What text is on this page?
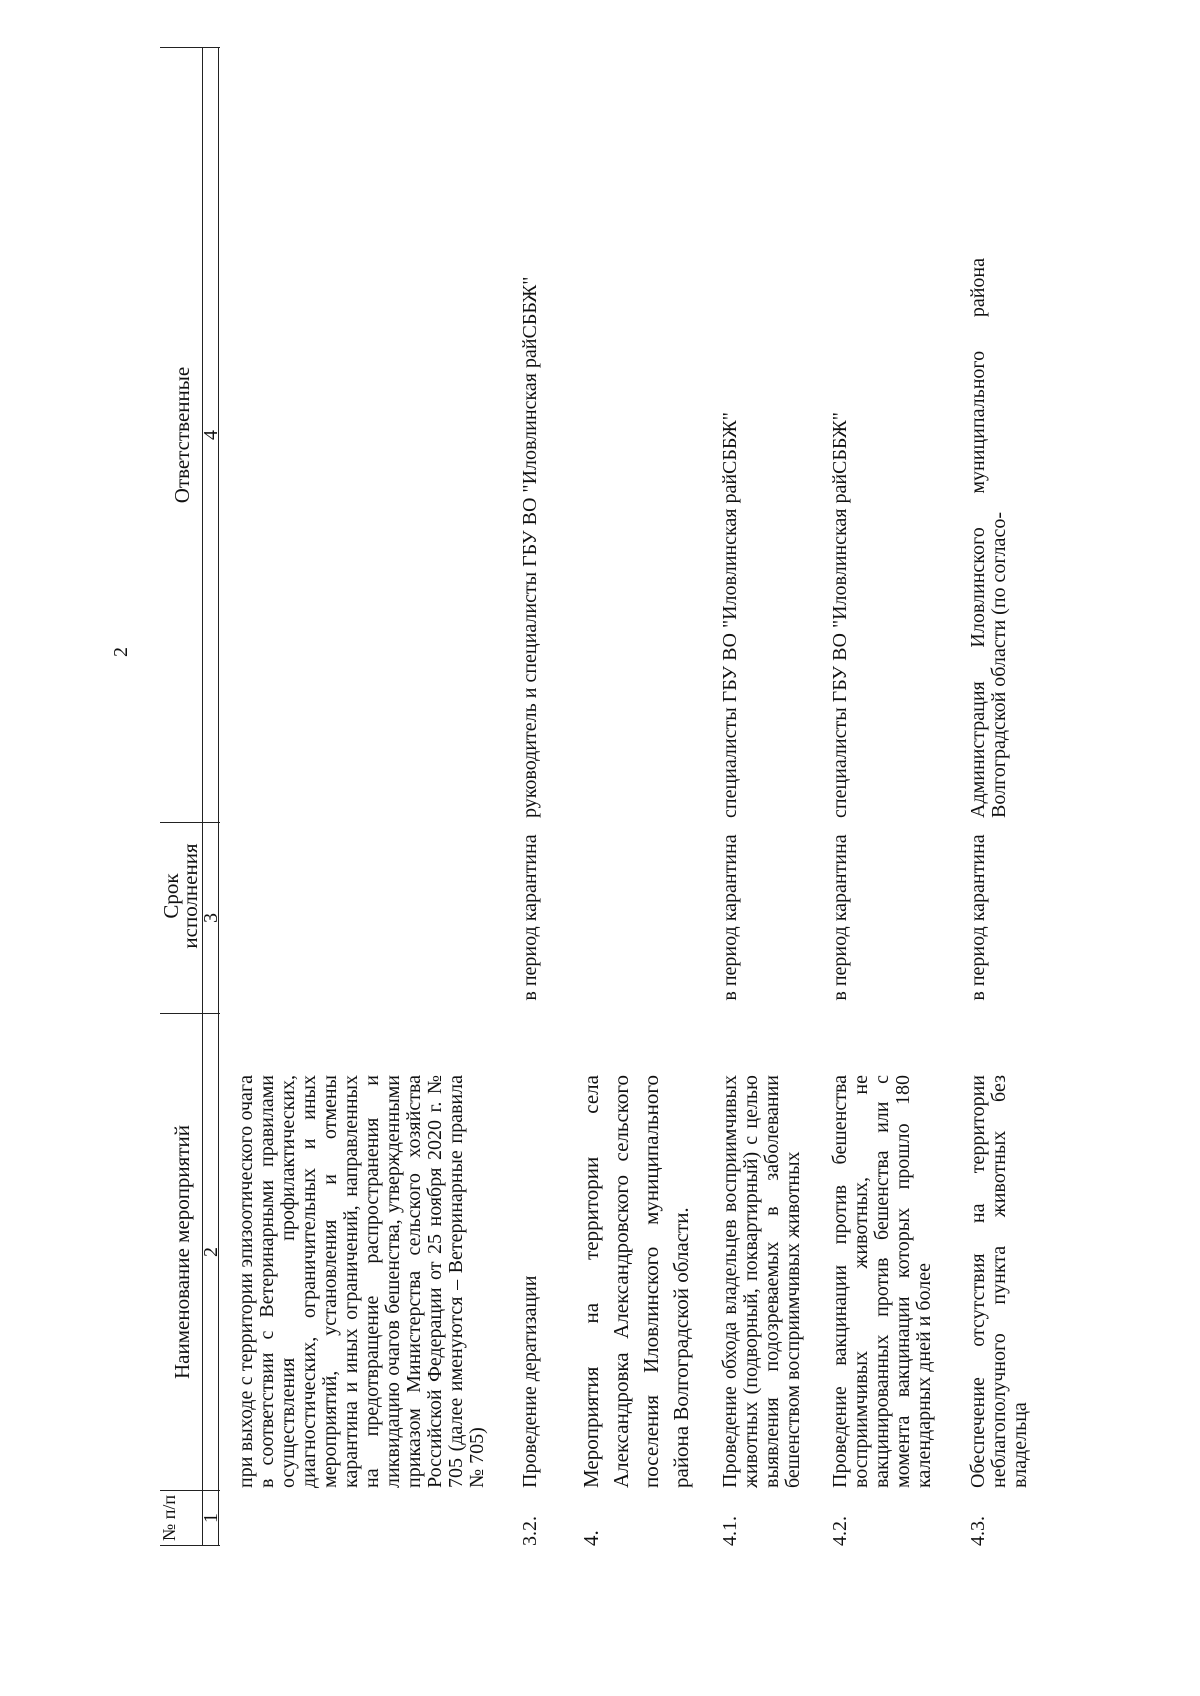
2
№ п/п
Наименование мероприятий
Срок исполнения
Ответственные
1
2
3
4
при выходе с территории эпизоотического очага в соответствии с Ветеринарными правилами осуществления профилактических, диагностических, ограничительных и иных мероприятий, установления и отмены карантина и иных ограничений, направленных на предотвращение распространения и ликвидацию очагов бешенства, утвержденными приказом Министерства сельского хозяйства Российской Федерации от 25 ноября 2020 г. № 705 (далее именуются – Ветеринарные правила № 705)
3.2.
Проведение дератизации
в период карантина
руководитель и специалисты ГБУ ВО "Иловлинская райСББЖ"
4.
Мероприятия на территории села Александровка Александровского сельского поселения Иловлинского муниципального района Волгоградской области.
4.1.
Проведение обхода владельцев восприимчивых животных (подворный, поквартирный) с целью выявления подозреваемых в заболевании бешенством восприимчивых животных
в период карантина
специалисты ГБУ ВО "Иловлинская райСББЖ"
4.2.
Проведение вакцинации против бешенства восприимчивых животных, не вакцинированных против бешенства или с момента вакцинации которых прошло 180 календарных дней и более
в период карантина
специалисты ГБУ ВО "Иловлинская райСББЖ"
4.3.
Обеспечение отсутствия на территории неблагополучного пункта животных без владельца
в период карантина
Администрация Иловлинского муниципального района Волгоградской области (по согласо-
